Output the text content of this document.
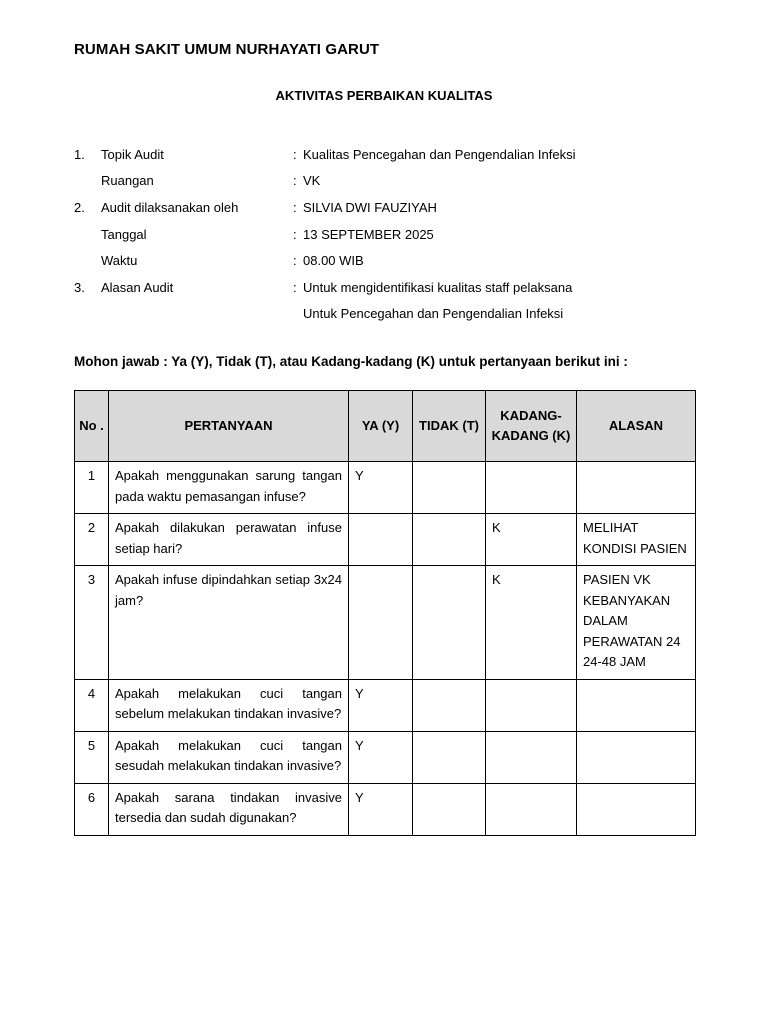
RUMAH SAKIT UMUM NURHAYATI GARUT
AKTIVITAS PERBAIKAN KUALITAS
1.	Topik Audit	: Kualitas Pencegahan dan Pengendalian Infeksi
Ruangan	: VK
2.	Audit dilaksanakan oleh	: SILVIA DWI FAUZIYAH
Tanggal	: 13 SEPTEMBER 2025
Waktu	: 08.00 WIB
3.	Alasan Audit	: Untuk mengidentifikasi kualitas staff pelaksana
Untuk Pencegahan dan Pengendalian Infeksi
Mohon jawab : Ya (Y), Tidak (T), atau Kadang-kadang (K) untuk pertanyaan berikut ini :
No .	PERTANYAAN	YA (Y)	TIDAK (T)	KADANG-KADANG (K)	ALASAN
1	Apakah menggunakan sarung tangan pada waktu pemasangan infuse?	Y			
2	Apakah dilakukan perawatan infuse setiap hari?			K	MELIHAT KONDISI PASIEN
3	Apakah infuse dipindahkan setiap 3x24 jam?			K	PASIEN VK KEBANYAKAN DALAM PERAWATAN 24 24-48 JAM
4	Apakah melakukan cuci tangan sebelum melakukan tindakan invasive?	Y			
5	Apakah melakukan cuci tangan sesudah melakukan tindakan invasive?	Y			
6	Apakah sarana tindakan invasive tersedia dan sudah digunakan?	Y			
